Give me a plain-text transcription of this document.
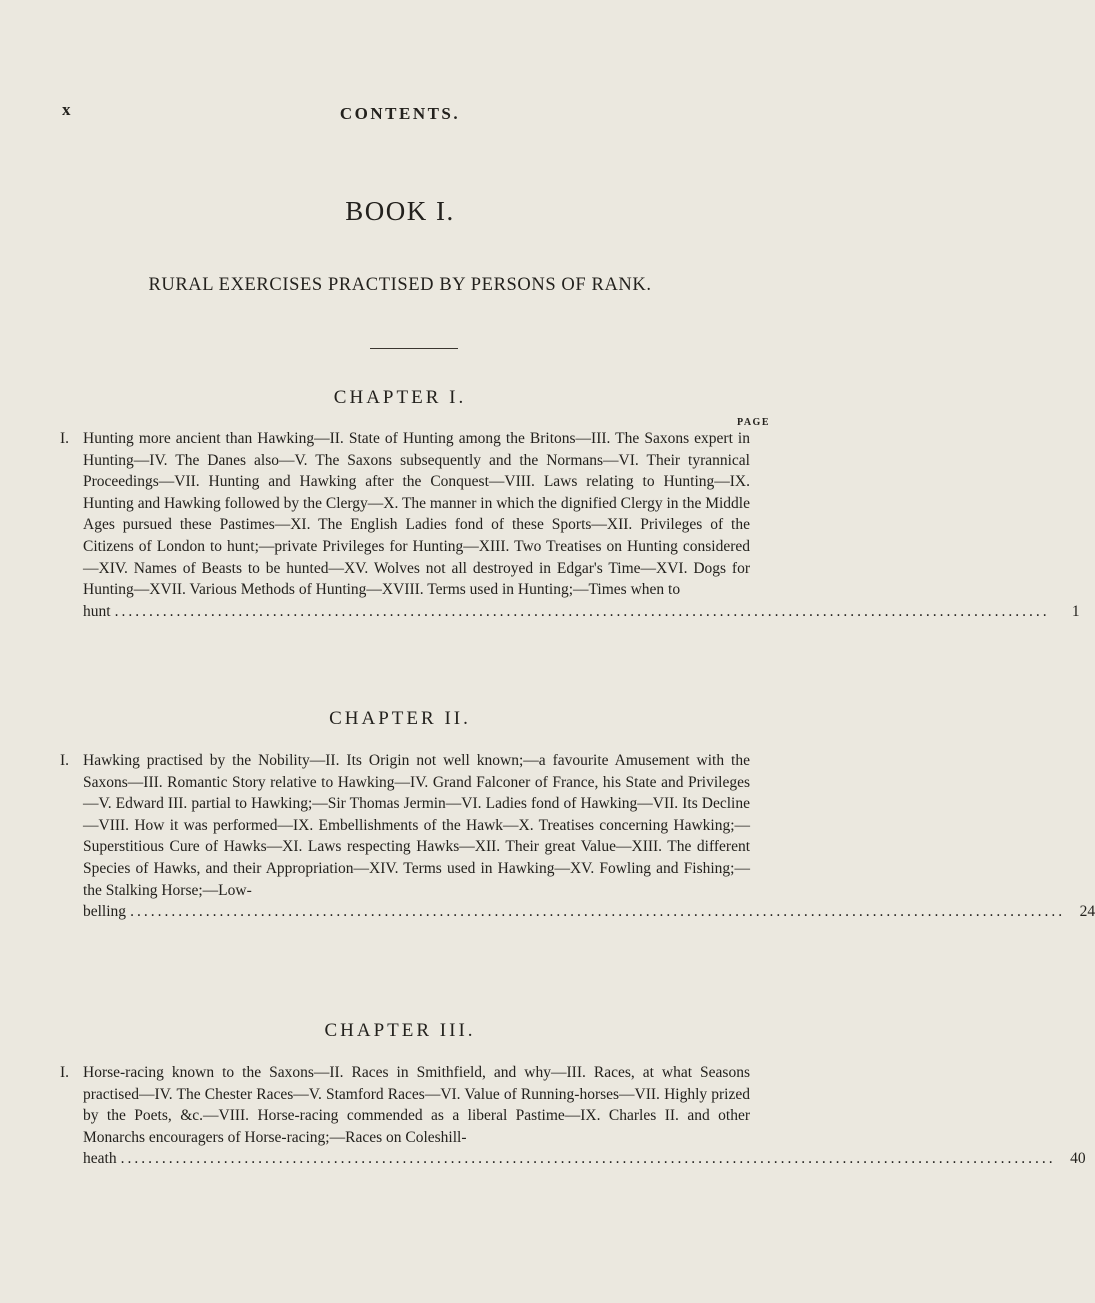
x	CONTENTS.
BOOK I.
RURAL EXERCISES PRACTISED BY PERSONS OF RANK.
CHAPTER I.
PAGE
I. Hunting more ancient than Hawking—II. State of Hunting among the Britons—III. The Saxons expert in Hunting—IV. The Danes also—V. The Saxons subsequently and the Normans—VI. Their tyrannical Proceedings—VII. Hunting and Hawking after the Conquest—VIII. Laws relating to Hunting—IX. Hunting and Hawking followed by the Clergy—X. The manner in which the dignified Clergy in the Middle Ages pursued these Pastimes—XI. The English Ladies fond of these Sports—XII. Privileges of the Citizens of London to hunt;—private Privileges for Hunting—XIII. Two Treatises on Hunting considered—XIV. Names of Beasts to be hunted—XV. Wolves not all destroyed in Edgar's Time—XVI. Dogs for Hunting—XVII. Various Methods of Hunting—XVIII. Terms used in Hunting;—Times when to
hunt ........................................................................................................................................	1
CHAPTER II.
I. Hawking practised by the Nobility—II. Its Origin not well known;—a favourite Amusement with the Saxons—III. Romantic Story relative to Hawking—IV. Grand Falconer of France, his State and Privileges—V. Edward III. partial to Hawking;—Sir Thomas Jermin—VI. Ladies fond of Hawking—VII. Its Decline—VIII. How it was performed—IX. Embellishments of the Hawk—X. Treatises concerning Hawking;—Superstitious Cure of Hawks—XI. Laws respecting Hawks—XII. Their great Value—XIII. The different Species of Hawks, and their Appropriation—XIV. Terms used in Hawking—XV. Fowling and Fishing;—the Stalking Horse;—Low-
belling ........................................................................................................................................ 24
CHAPTER III.
I. Horse-racing known to the Saxons—II. Races in Smithfield, and why—III. Races, at what Seasons practised—IV. The Chester Races—V. Stamford Races—VI. Value of Running-horses—VII. Highly prized by the Poets, &c.—VIII. Horse-racing commended as a liberal Pastime—IX. Charles II. and other Monarchs encouragers of Horse-racing;—Races on Coleshill-
heath ........................................................................................................................................ 40
